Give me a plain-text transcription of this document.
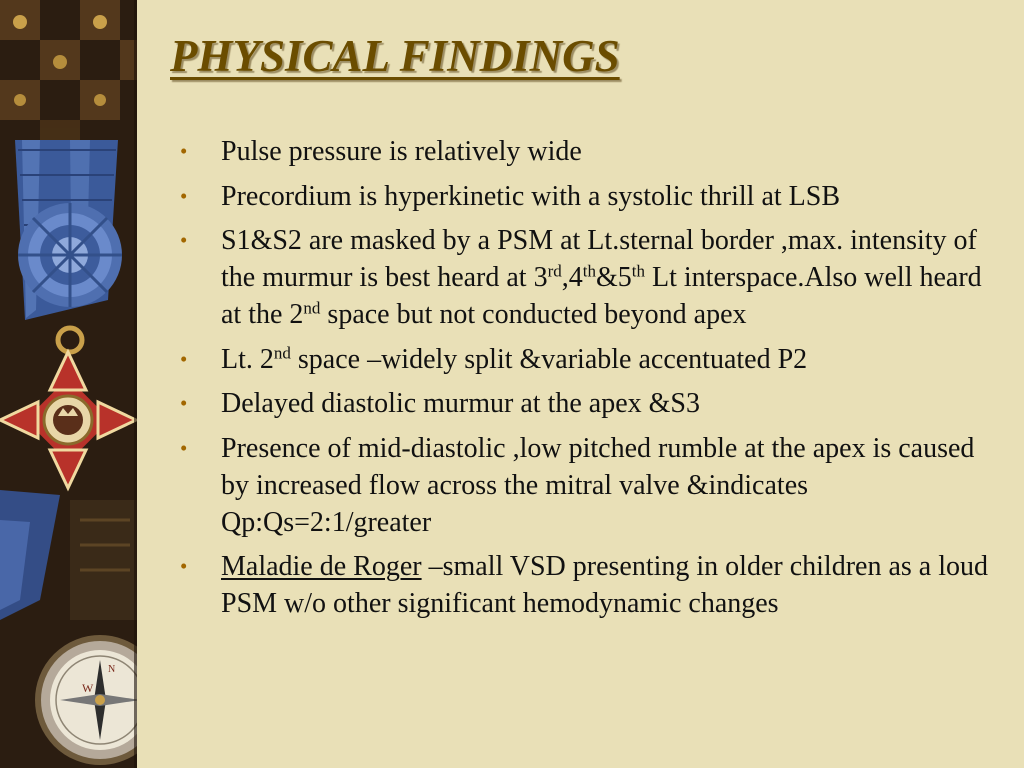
W
N
PHYSICAL FINDINGS
• Pulse pressure is relatively wide
• Precordium is hyperkinetic with a systolic thrill at LSB
• S1&S2 are masked by a PSM at Lt.sternal border ,max. intensity of the murmur is best heard at 3rd,4th&5th Lt interspace.Also well heard at the 2nd space but not conducted beyond apex
• Lt. 2nd space –widely split &variable accentuated P2
• Delayed diastolic murmur at the apex &S3
• Presence of mid-diastolic ,low pitched rumble at the apex is caused by increased flow across the mitral valve &indicates Qp:Qs=2:1/greater
• Maladie de Roger –small VSD presenting in older children as a loud PSM w/o other significant hemodynamic changes
